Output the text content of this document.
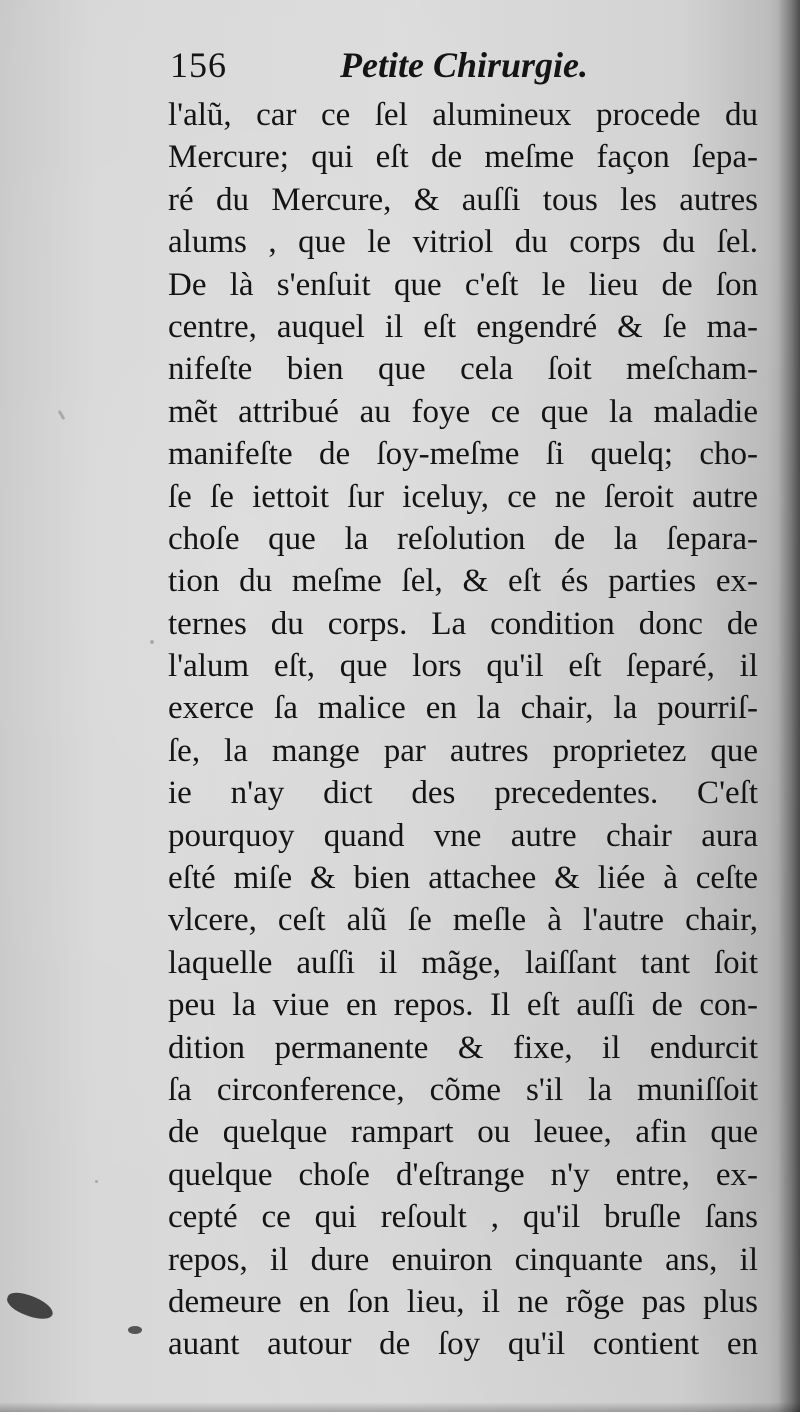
156	Petite Chirurgie.
l'alũ, car ce ſel alumineux procede du
Mercure; qui eſt de meſme façon ſepa-
ré du Mercure, & auſſi tous les autres
alums , que le vitriol du corps du ſel.
De là s'enſuit que c'eſt le lieu de ſon
centre, auquel il eſt engendré & ſe ma-
nifeſte bien que cela ſoit meſcham-
mẽt attribué au foye ce que la maladie
manifeſte de ſoy-meſme ſi quelq; cho-
ſe ſe iettoit ſur iceluy, ce ne ſeroit autre
choſe que la reſolution de la ſepara-
tion du meſme ſel, & eſt és parties ex-
ternes du corps. La condition donc de
l'alum eſt, que lors qu'il eſt ſeparé, il
exerce ſa malice en la chair, la pourriſ-
ſe, la mange par autres proprietez que
ie n'ay dict des precedentes. C'eſt
pourquoy quand vne autre chair aura
eſté miſe & bien attachee & liée à ceſte
vlcere, ceſt alũ ſe meſle à l'autre chair,
laquelle auſſi il mãge, laiſſant tant ſoit
peu la viue en repos. Il eſt auſſi de con-
dition permanente & fixe, il endurcit
ſa circonference, cõme s'il la muniſſoit
de quelque rampart ou leuee, afin que
quelque choſe d'eſtrange n'y entre, ex-
cepté ce qui reſoult , qu'il bruſle ſans
repos, il dure enuiron cinquante ans, il
demeure en ſon lieu, il ne rõge pas plus
auant autour de ſoy qu'il contient en
